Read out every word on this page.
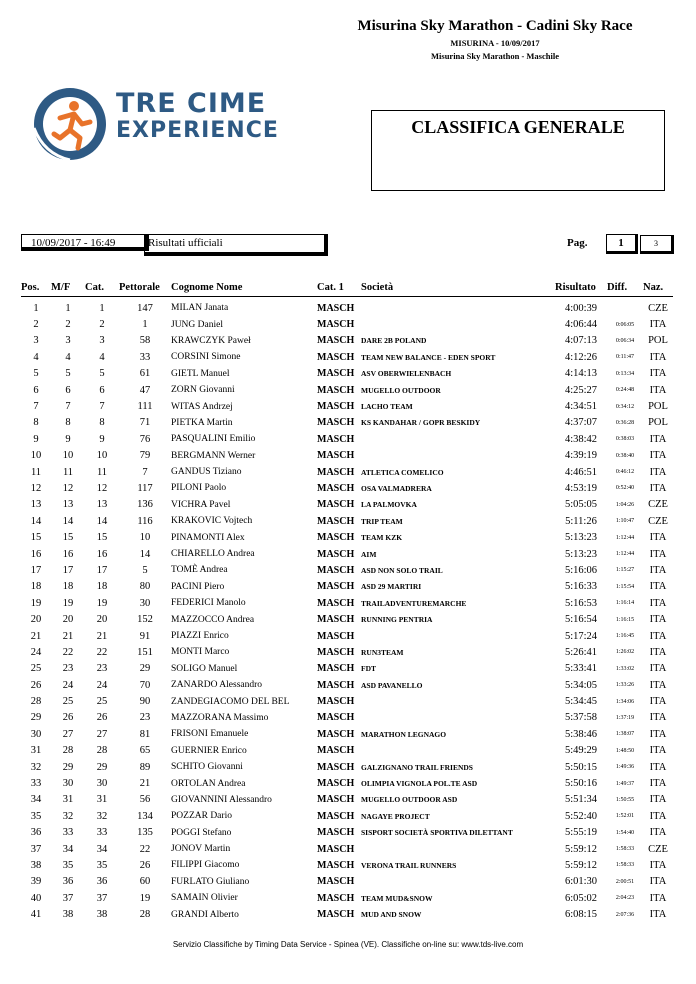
Misurina Sky Marathon - Cadini Sky Race
MISURINA - 10/09/2017
Misurina Sky Marathon - Maschile
TRE CIME
EXPERIENCE	CLASSIFICA GENERALE
10/09/2017 - 16:49	Risultati ufficiali	Pag.	1	3
Pos.	M/F	Cat.	Pettorale	Cognome Nome	Cat. 1	Società	Risultato	Diff.	Naz.
1	1	1	147	MILAN Janata	MASCH		4:00:39		CZE
2	2	2	1	JUNG Daniel	MASCH		4:06:44	0:06:05	ITA
3	3	3	58	KRAWCZYK Paweł	MASCH	DARE 2B POLAND	4:07:13	0:06:34	POL
4	4	4	33	CORSINI Simone	MASCH	TEAM NEW BALANCE - EDEN SPORT	4:12:26	0:11:47	ITA
5	5	5	61	GIETL Manuel	MASCH	ASV OBERWIELENBACH	4:14:13	0:13:34	ITA
6	6	6	47	ZORN Giovanni	MASCH	MUGELLO OUTDOOR	4:25:27	0:24:48	ITA
7	7	7	111	WITAS Andrzej	MASCH	LACHO TEAM	4:34:51	0:34:12	POL
8	8	8	71	PIETKA Martin	MASCH	KS KANDAHAR / GOPR BESKIDY	4:37:07	0:36:28	POL
9	9	9	76	PASQUALINI Emilio	MASCH		4:38:42	0:38:03	ITA
10	10	10	79	BERGMANN Werner	MASCH		4:39:19	0:38:40	ITA
11	11	11	7	GANDUS Tiziano	MASCH	ATLETICA COMELICO	4:46:51	0:46:12	ITA
12	12	12	117	PILONI Paolo	MASCH	OSA VALMADRERA	4:53:19	0:52:40	ITA
13	13	13	136	VICHRA Pavel	MASCH	LA PALMOVKA	5:05:05	1:04:26	CZE
14	14	14	116	KRAKOVIC Vojtech	MASCH	TRIP TEAM	5:11:26	1:10:47	CZE
15	15	15	10	PINAMONTI Alex	MASCH	TEAM KZK	5:13:23	1:12:44	ITA
16	16	16	14	CHIARELLO Andrea	MASCH	AIM	5:13:23	1:12:44	ITA
17	17	17	5	TOMÈ Andrea	MASCH	ASD NON SOLO TRAIL	5:16:06	1:15:27	ITA
18	18	18	80	PACINI Piero	MASCH	ASD 29 MARTIRI	5:16:33	1:15:54	ITA
19	19	19	30	FEDERICI Manolo	MASCH	TRAILADVENTUREMARCHE	5:16:53	1:16:14	ITA
20	20	20	152	MAZZOCCO Andrea	MASCH	RUNNING PENTRIA	5:16:54	1:16:15	ITA
21	21	21	91	PIAZZI Enrico	MASCH		5:17:24	1:16:45	ITA
24	22	22	151	MONTI Marco	MASCH	RUN3TEAM	5:26:41	1:26:02	ITA
25	23	23	29	SOLIGO Manuel	MASCH	FDT	5:33:41	1:33:02	ITA
26	24	24	70	ZANARDO Alessandro	MASCH	ASD PAVANELLO	5:34:05	1:33:26	ITA
28	25	25	90	ZANDEGIACOMO DEL BEL	MASCH		5:34:45	1:34:06	ITA
29	26	26	23	MAZZORANA Massimo	MASCH		5:37:58	1:37:19	ITA
30	27	27	81	FRISONI Emanuele	MASCH	MARATHON LEGNAGO	5:38:46	1:38:07	ITA
31	28	28	65	GUERNIER Enrico	MASCH		5:49:29	1:48:50	ITA
32	29	29	89	SCHITO Giovanni	MASCH	GALZIGNANO TRAIL FRIENDS	5:50:15	1:49:36	ITA
33	30	30	21	ORTOLAN Andrea	MASCH	OLIMPIA VIGNOLA POL.TE ASD	5:50:16	1:49:37	ITA
34	31	31	56	GIOVANNINI Alessandro	MASCH	MUGELLO OUTDOOR ASD	5:51:34	1:50:55	ITA
35	32	32	134	POZZAR Dario	MASCH	NAGAYE PROJECT	5:52:40	1:52:01	ITA
36	33	33	135	POGGI Stefano	MASCH	SISPORT SOCIETÀ SPORTIVA DILETTANT	5:55:19	1:54:40	ITA
37	34	34	22	JONOV Martin	MASCH		5:59:12	1:58:33	CZE
38	35	35	26	FILIPPI Giacomo	MASCH	VERONA TRAIL RUNNERS	5:59:12	1:58:33	ITA
39	36	36	60	FURLATO Giuliano	MASCH		6:01:30	2:00:51	ITA
40	37	37	19	SAMAIN Olivier	MASCH	TEAM MUD&SNOW	6:05:02	2:04:23	ITA
41	38	38	28	GRANDI Alberto	MASCH	MUD AND SNOW	6:08:15	2:07:36	ITA
Servizio Classifiche by Timing Data Service - Spinea (VE). Classifiche on-line su: www.tds-live.com
